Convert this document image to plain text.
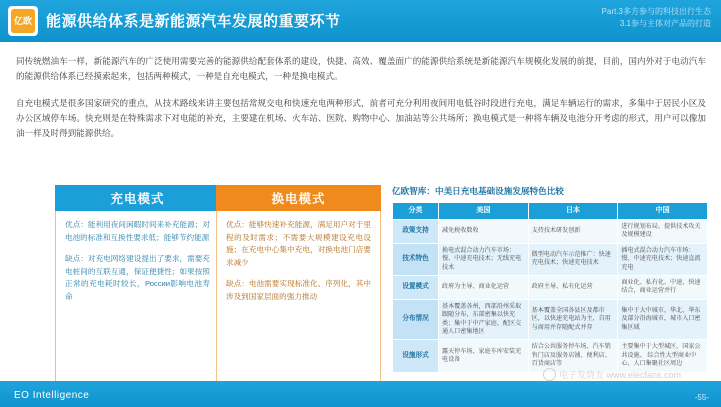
亿欧 能源供给体系是新能源汽车发展的重要环节
Part.3多方参与的科技出行生态
3.1参与主体对产品的打造
同传统燃油车一样，新能源汽车的广泛使用需要完善的能源供给配套体系的建设，快捷、高效、覆盖面广的能源供给系统是新能源汽车规模化发展的前提，目前，国内外对于电动汽车的能源供给体系已经摸索起来，包括两种模式，一种是自充电模式，一种是换电模式。
自充电模式是很多国家研究的重点，从技术路线来讲主要包括常规交电和快速充电两种形式，前者可充分利用夜间用电低谷时段进行充电，满足车辆运行的需求，多集中于居民小区及办公区域停车场。快充则是在特殊需求下对电能的补充，主要建在机场、火车站、医院、购物中心、加油站等公共场所；换电模式是一种将车辆及电池分开考虑的形式，用户可以像加油一样及时得到能源供给。
充电模式
优点：能利用夜间闲暇时间来补充能源；对电池的标准和互换性要求低；能够节约能源
缺点：对充电网络建设提出了要求，需要充电桩间的互联互通，保证便捷性；如果按照正常的充电耗时较长，России影响电池寿命
换电模式
优点：能够快速补充能源，满足用户对于里程的及时需求；不需要大规模建设充电设施；在充电中心集中充电，对换电池门店要求减少
缺点：电池需要实现标准化、序列化，其中涉及到国家层面的强力推动
亿欧智库：中美日充电基础设施发展特色比较
分类	美国	日本	中国
政策支持	减免税收数收	支持技术研发创新	进行规划布局、提供技术攻关及规模建设
技术特色	换电式混合动力汽车市场：慢、中速充电技术；无线充电技术	微型电动汽车示范推广：快速充电技术；快速充电技术	插电式混合动力汽车市场：慢、中速充电技术；快速直流充电
设置模式	政府为主导、商业化运营	政府主导、私有化运营	商业化、私有化、中速、快速结合，商业运营并行
分布情况	基本覆盖各州，西部沿州采取跟随分布，东部密集以快充类；集中于中产家庭、配区交通人口密集地区	基本覆盖全国各县区及都市区，以快速充电站为主，自用与商用并存随配式并存	集中于大中城市，华北、华东及部分沿海城市，城市入口密集区域
设施形式	露天停车场、家庭车库安装充电设备	结合公共服务停车场、汽车销售门店及服务店铺、便利店、百货商店等	主要集中于大型城区、国家公共设施、 综合性大型商业中心、人口集聚社区周边
电子发烧友 www.elecfans.com
EO Intelligence	-55-
